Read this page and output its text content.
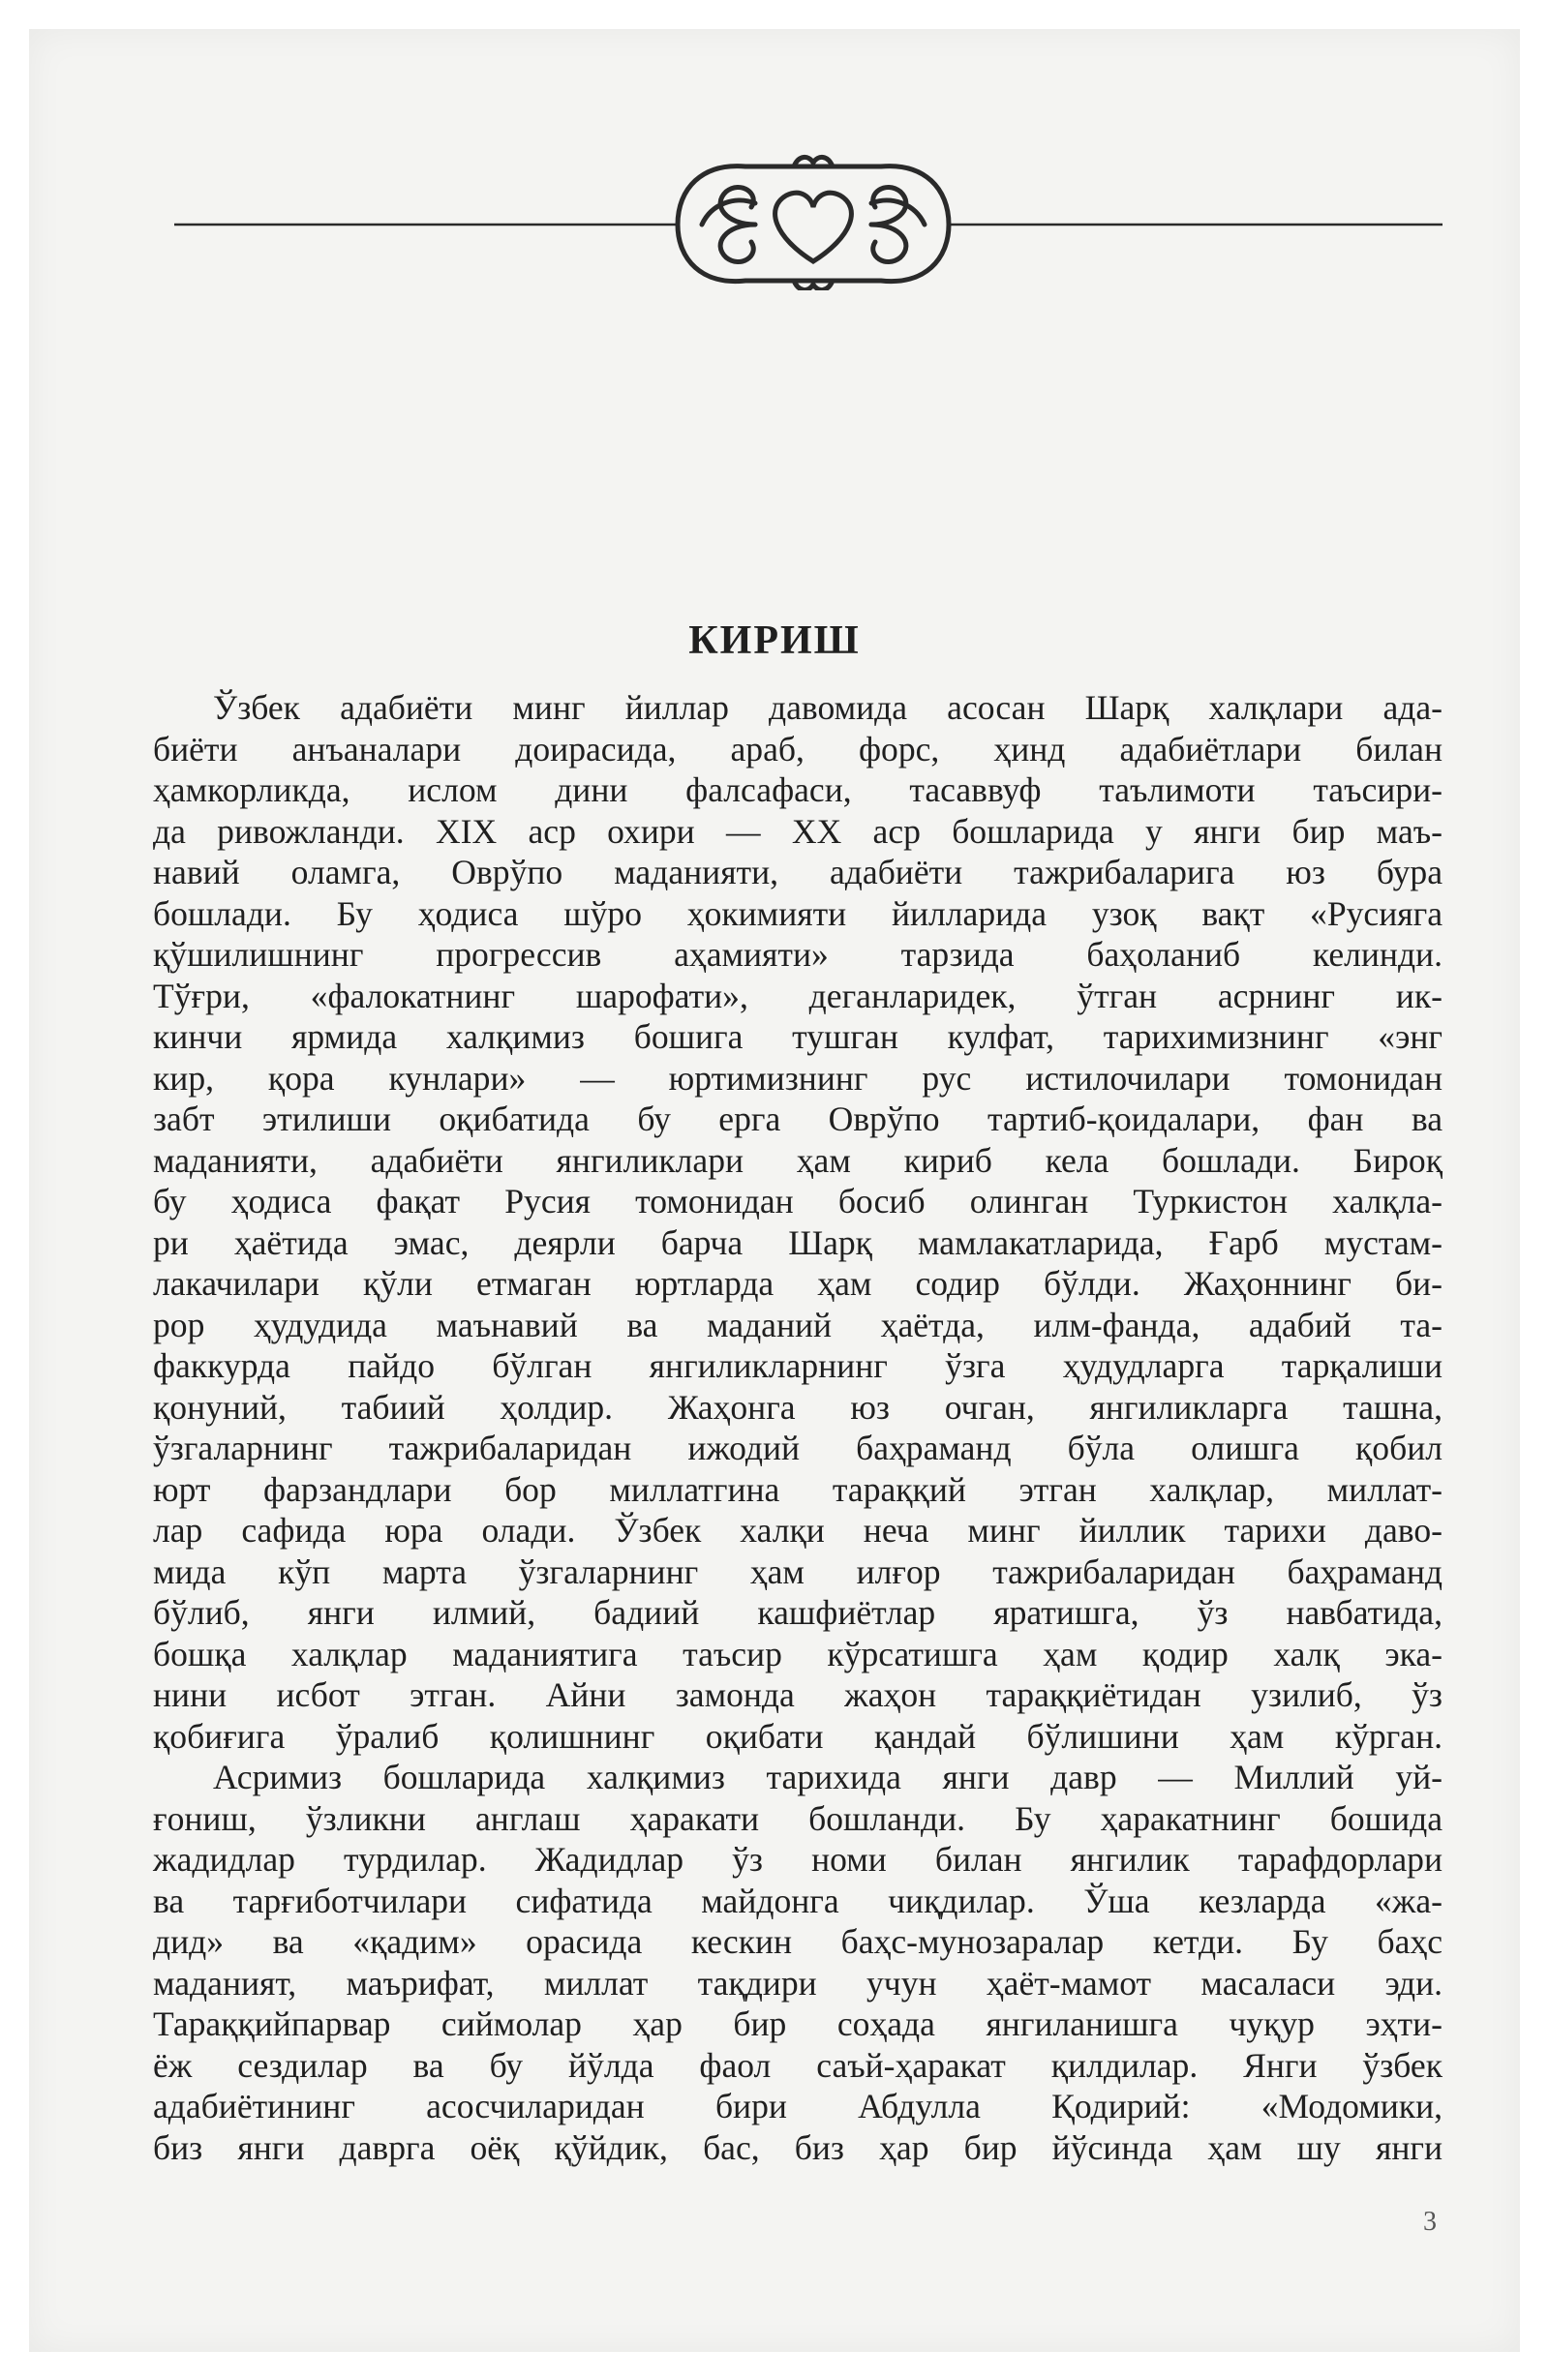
КИРИШ
Ўзбек адабиёти минг йиллар давомида асосан Шарқ халқлари ада-
биёти анъаналари доирасида, араб, форс, ҳинд адабиётлари билан
ҳамкорликда, ислом дини фалсафаси, тасаввуф таълимоти таъсири-
да ривожланди. XIX аср охири — XX аср бошларида у янги бир маъ-
навий оламга, Оврўпо маданияти, адабиёти тажрибаларига юз бура
бошлади. Бу ҳодиса шўро ҳокимияти йилларида узоқ вақт «Русияга
қўшилишнинг прогрессив аҳамияти» тарзида баҳоланиб келинди.
Тўғри, «фалокатнинг шарофати», деганларидек, ўтган асрнинг ик-
кинчи ярмида халқимиз бошига тушган кулфат, тарихимизнинг «энг
кир, қора кунлари» — юртимизнинг рус истилочилари томонидан
забт этилиши оқибатида бу ерга Оврўпо тартиб-қоидалари, фан ва
маданияти, адабиёти янгиликлари ҳам кириб кела бошлади. Бироқ
бу ҳодиса фақат Русия томонидан босиб олинган Туркистон халқла-
ри ҳаётида эмас, деярли барча Шарқ мамлакатларида, Ғарб мустам-
лакачилари қўли етмаган юртларда ҳам содир бўлди. Жаҳоннинг би-
рор ҳудудида маънавий ва маданий ҳаётда, илм-фанда, адабий та-
факкурда пайдо бўлган янгиликларнинг ўзга ҳудудларга тарқалиши
қонуний, табиий ҳолдир. Жаҳонга юз очган, янгиликларга ташна,
ўзгаларнинг тажрибаларидан ижодий баҳраманд бўла олишга қобил
юрт фарзандлари бор миллатгина тараққий этган халқлар, миллат-
лар сафида юра олади. Ўзбек халқи неча минг йиллик тарихи даво-
мида кўп марта ўзгаларнинг ҳам илғор тажрибаларидан баҳраманд
бўлиб, янги илмий, бадиий кашфиётлар яратишга, ўз навбатида,
бошқа халқлар маданиятига таъсир кўрсатишга ҳам қодир халқ эка-
нини исбот этган. Айни замонда жаҳон тараққиётидан узилиб, ўз
қобиғига ўралиб қолишнинг оқибати қандай бўлишини ҳам кўрган.
Асримиз бошларида халқимиз тарихида янги давр — Миллий уй-
ғониш, ўзликни англаш ҳаракати бошланди. Бу ҳаракатнинг бошида
жадидлар турдилар. Жадидлар ўз номи билан янгилик тарафдорлари
ва тарғиботчилари сифатида майдонга чиқдилар. Ўша кезларда «жа-
дид» ва «қадим» орасида кескин баҳс-мунозаралар кетди. Бу баҳс
маданият, маърифат, миллат тақдири учун ҳаёт-мамот масаласи эди.
Тараққийпарвар сиймолар ҳар бир соҳада янгиланишга чуқур эҳти-
ёж сездилар ва бу йўлда фаол саъй-ҳаракат қилдилар. Янги ўзбек
адабиётининг асосчиларидан бири Абдулла Қодирий: «Модомики,
биз янги даврга оёқ қўйдик, бас, биз ҳар бир йўсинда ҳам шу янги
3
